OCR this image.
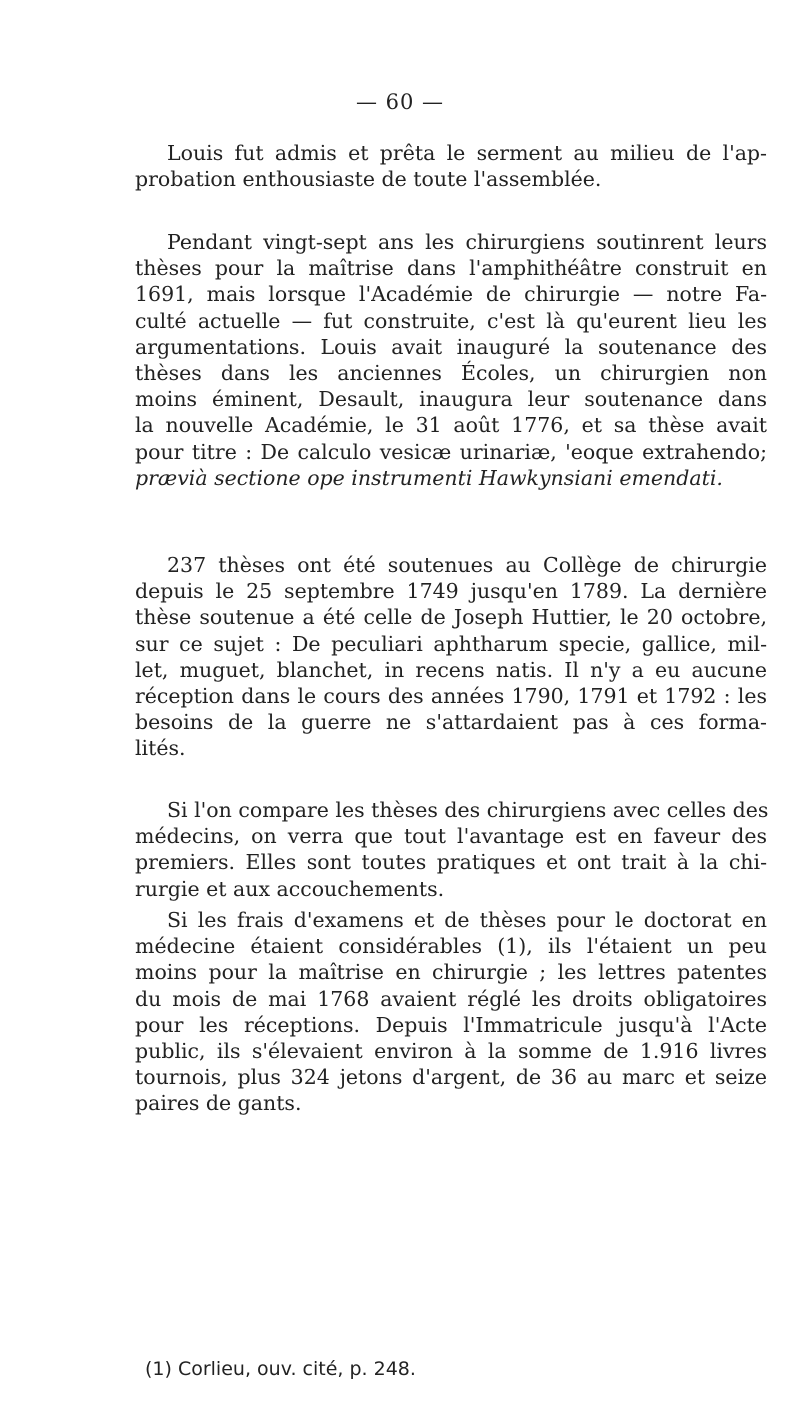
— 60 —
Louis fut admis et prêta le serment au milieu de l'ap-
probation enthousiaste de toute l'assemblée.
Pendant vingt-sept ans les chirurgiens soutinrent leurs
thèses pour la maîtrise dans l'amphithéâtre construit en
1691, mais lorsque l'Académie de chirurgie — notre Fa-
culté actuelle — fut construite, c'est là qu'eurent lieu les
argumentations. Louis avait inauguré la soutenance des
thèses dans les anciennes Écoles, un chirurgien non
moins éminent, Desault, inaugura leur soutenance dans
la nouvelle Académie, le 31 août 1776, et sa thèse avait
pour titre : De calculo vesicæ urinariæ, 'eoque extrahendo;
prævià sectione ope instrumenti Hawkynsiani emendati.
237 thèses ont été soutenues au Collège de chirurgie
depuis le 25 septembre 1749 jusqu'en 1789. La dernière
thèse soutenue a été celle de Joseph Huttier, le 20 octobre,
sur ce sujet : De peculiari aphtharum specie, gallice, mil-
let, muguet, blanchet, in recens natis. Il n'y a eu aucune
réception dans le cours des années 1790, 1791 et 1792 : les
besoins de la guerre ne s'attardaient pas à ces forma-
lités.
Si l'on compare les thèses des chirurgiens avec celles des
médecins, on verra que tout l'avantage est en faveur des
premiers. Elles sont toutes pratiques et ont trait à la chi-
rurgie et aux accouchements.
Si les frais d'examens et de thèses pour le doctorat en
médecine étaient considérables (1), ils l'étaient un peu
moins pour la maîtrise en chirurgie ; les lettres patentes
du mois de mai 1768 avaient réglé les droits obligatoires
pour les réceptions. Depuis l'Immatricule jusqu'à l'Acte
public, ils s'élevaient environ à la somme de 1.916 livres
tournois, plus 324 jetons d'argent, de 36 au marc et seize
paires de gants.
(1) Corlieu, ouv. cité, p. 248.
